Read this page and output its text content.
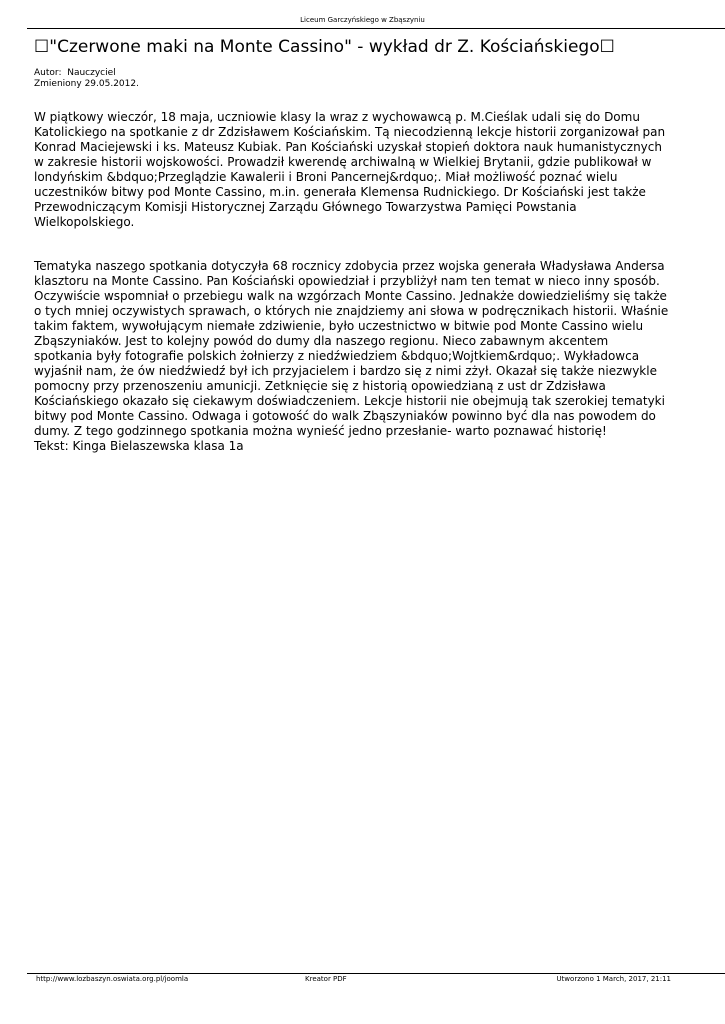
Liceum Garczyńskiego w Zbąszyniu
☐"Czerwone maki na Monte Cassino" - wykład dr Z. Kościańskiego☐
Autor: Nauczyciel
Zmieniony 29.05.2012.

W piątkowy wieczór, 18 maja, uczniowie klasy Ia wraz z wychowawcą p. M.Cieślak udali się do Domu
Katolickiego na spotkanie z dr Zdzisławem Kościańskim. Tą niecodzienną lekcje historii zorganizował pan
Konrad Maciejewski i ks. Mateusz Kubiak. Pan Kościański uzyskał stopień doktora nauk humanistycznych
w zakresie historii wojskowości. Prowadził kwerendę archiwalną w Wielkiej Brytanii, gdzie publikował w
londyńskim &bdquo;Przeglądzie Kawalerii i Broni Pancernej&rdquo;. Miał możliwość poznać wielu
uczestników bitwy pod Monte Cassino, m.in. generała Klemensa Rudnickiego. Dr Kościański jest także
Przewodniczącym Komisji Historycznej Zarządu Głównego Towarzystwa Pamięci Powstania
Wielkopolskiego.

Tematyka naszego spotkania dotyczyła 68 rocznicy zdobycia przez wojska generała Władysława Andersa
klasztoru na Monte Cassino. Pan Kościański opowiedział i przybliżył nam ten temat w nieco inny sposób.
Oczywiście wspomniał o przebiegu walk na wzgórzach Monte Cassino. Jednakże dowiedzieliśmy się także
o tych mniej oczywistych sprawach, o których nie znajdziemy ani słowa w podręcznikach historii. Właśnie
takim faktem, wywołującym niemałe zdziwienie, było uczestnictwo w bitwie pod Monte Cassino wielu
Zbąszyniaków. Jest to kolejny powód do dumy dla naszego regionu. Nieco zabawnym akcentem
spotkania były fotografie polskich żołnierzy z niedźwiedziem &bdquo;Wojtkiem&rdquo;. Wykładowca
wyjaśnił nam, że ów niedźwiedź był ich przyjacielem i bardzo się z nimi zżył. Okazał się także niezwykle
pomocny przy przenoszeniu amunicji. Zetknięcie się z historią opowiedzianą z ust dr Zdzisława
Kościańskiego okazało się ciekawym doświadczeniem. Lekcje historii nie obejmują tak szerokiej tematyki
bitwy pod Monte Cassino. Odwaga i gotowość do walk Zbąszyniaków powinno być dla nas powodem do
dumy. Z tego godzinnego spotkania można wynieść jedno przesłanie- warto poznawać historię!
Tekst: Kinga Bielaszewska klasa 1a

http://www.lozbaszyn.oswiata.org.pl/joomla	Kreator PDF	Utworzono 1 March, 2017, 21:11
